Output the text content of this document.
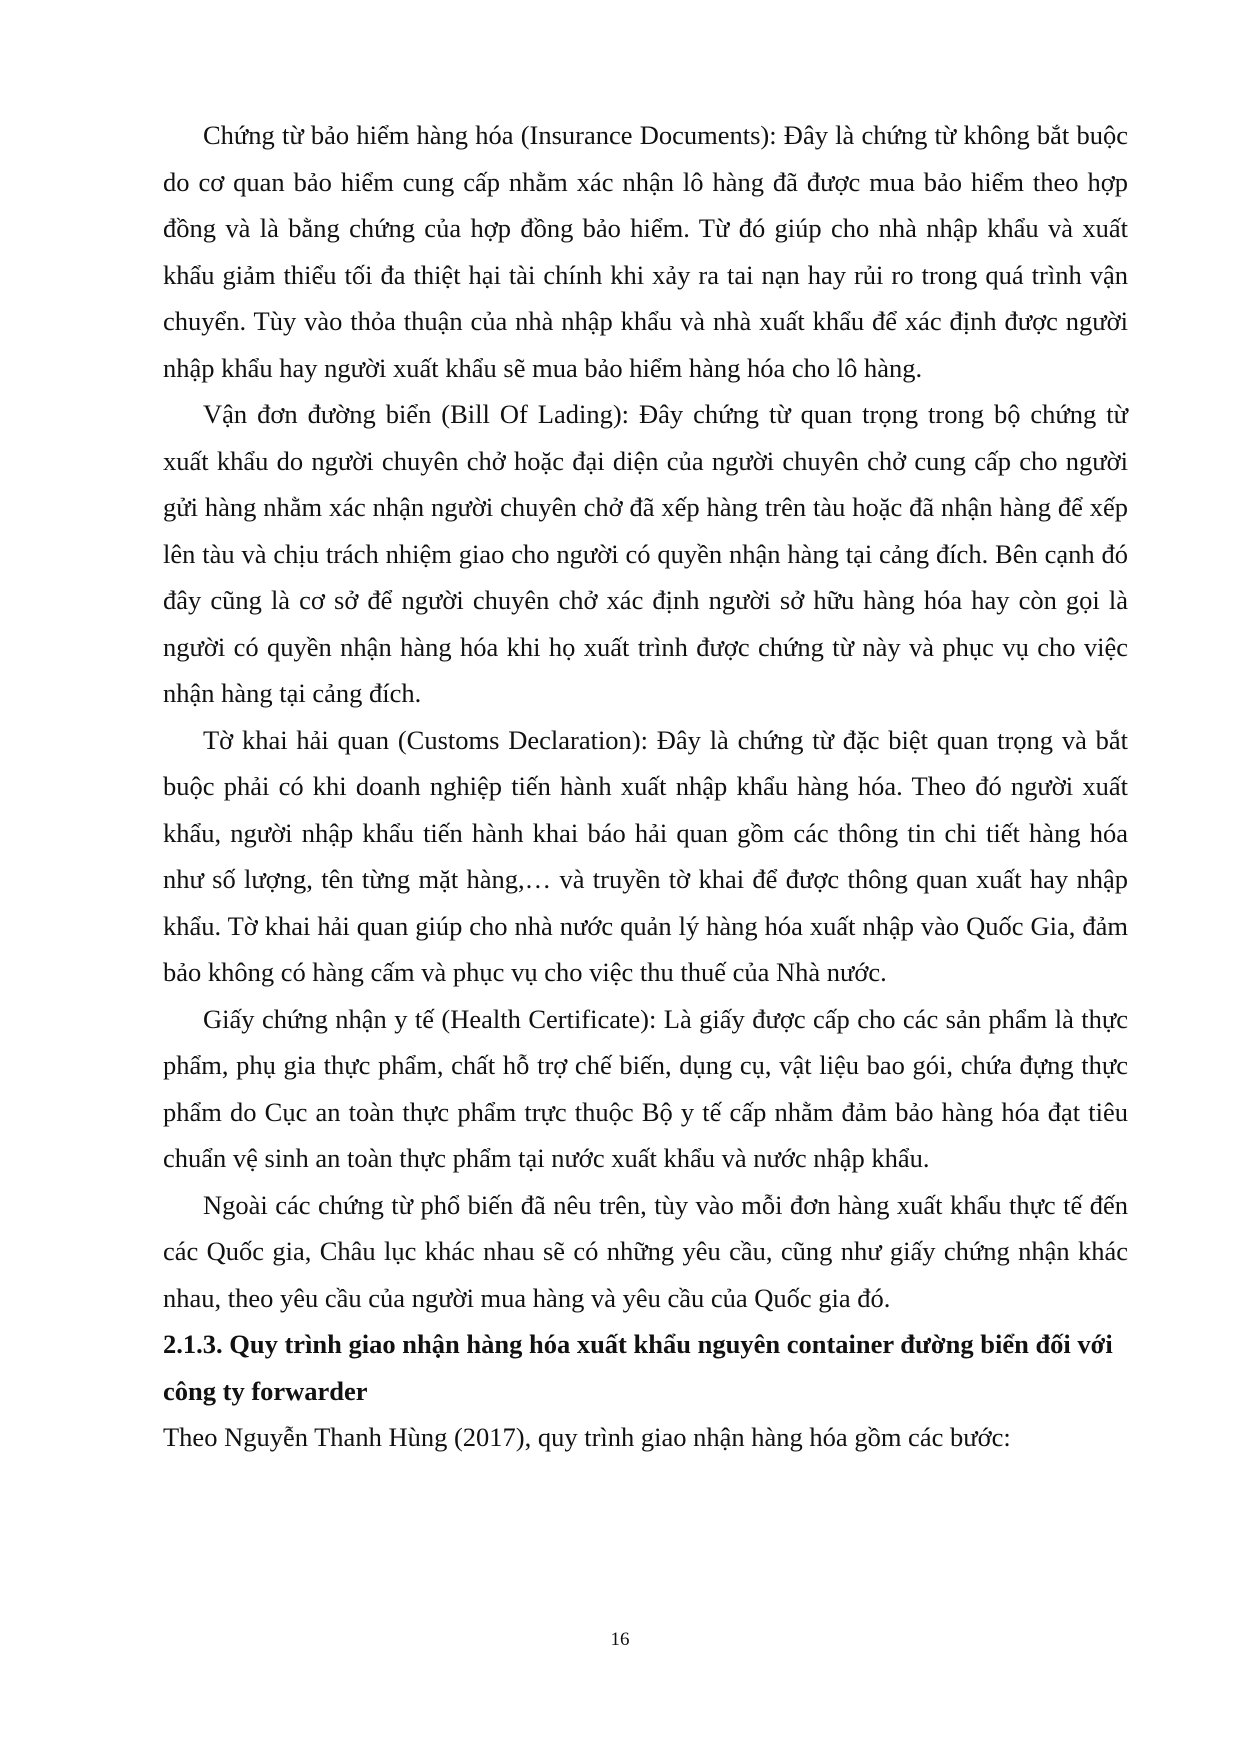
Chứng từ bảo hiểm hàng hóa (Insurance Documents): Đây là chứng từ không bắt buộc do cơ quan bảo hiểm cung cấp nhằm xác nhận lô hàng đã được mua bảo hiểm theo hợp đồng và là bằng chứng của hợp đồng bảo hiểm. Từ đó giúp cho nhà nhập khẩu và xuất khẩu giảm thiểu tối đa thiệt hại tài chính khi xảy ra tai nạn hay rủi ro trong quá trình vận chuyển. Tùy vào thỏa thuận của nhà nhập khẩu và nhà xuất khẩu để xác định được người nhập khẩu hay người xuất khẩu sẽ mua bảo hiểm hàng hóa cho lô hàng.

Vận đơn đường biển (Bill Of Lading): Đây chứng từ quan trọng trong bộ chứng từ xuất khẩu do người chuyên chở hoặc đại diện của người chuyên chở cung cấp cho người gửi hàng nhằm xác nhận người chuyên chở đã xếp hàng trên tàu hoặc đã nhận hàng để xếp lên tàu và chịu trách nhiệm giao cho người có quyền nhận hàng tại cảng đích. Bên cạnh đó đây cũng là cơ sở để người chuyên chở xác định người sở hữu hàng hóa hay còn gọi là người có quyền nhận hàng hóa khi họ xuất trình được chứng từ này và phục vụ cho việc nhận hàng tại cảng đích.

Tờ khai hải quan (Customs Declaration): Đây là chứng từ đặc biệt quan trọng và bắt buộc phải có khi doanh nghiệp tiến hành xuất nhập khẩu hàng hóa. Theo đó người xuất khẩu, người nhập khẩu tiến hành khai báo hải quan gồm các thông tin chi tiết hàng hóa như số lượng, tên từng mặt hàng,… và truyền tờ khai để được thông quan xuất hay nhập khẩu. Tờ khai hải quan giúp cho nhà nước quản lý hàng hóa xuất nhập vào Quốc Gia, đảm bảo không có hàng cấm và phục vụ cho việc thu thuế của Nhà nước.

Giấy chứng nhận y tế (Health Certificate): Là giấy được cấp cho các sản phẩm là thực phẩm, phụ gia thực phẩm, chất hỗ trợ chế biến, dụng cụ, vật liệu bao gói, chứa đựng thực phẩm do Cục an toàn thực phẩm trực thuộc Bộ y tế cấp nhằm đảm bảo hàng hóa đạt tiêu chuẩn vệ sinh an toàn thực phẩm tại nước xuất khẩu và nước nhập khẩu.

Ngoài các chứng từ phổ biến đã nêu trên, tùy vào mỗi đơn hàng xuất khẩu thực tế đến các Quốc gia, Châu lục khác nhau sẽ có những yêu cầu, cũng như giấy chứng nhận khác nhau, theo yêu cầu của người mua hàng và yêu cầu của Quốc gia đó.

2.1.3. Quy trình giao nhận hàng hóa xuất khẩu nguyên container đường biển đối với công ty forwarder

Theo Nguyễn Thanh Hùng (2017), quy trình giao nhận hàng hóa gồm các bước:

16
